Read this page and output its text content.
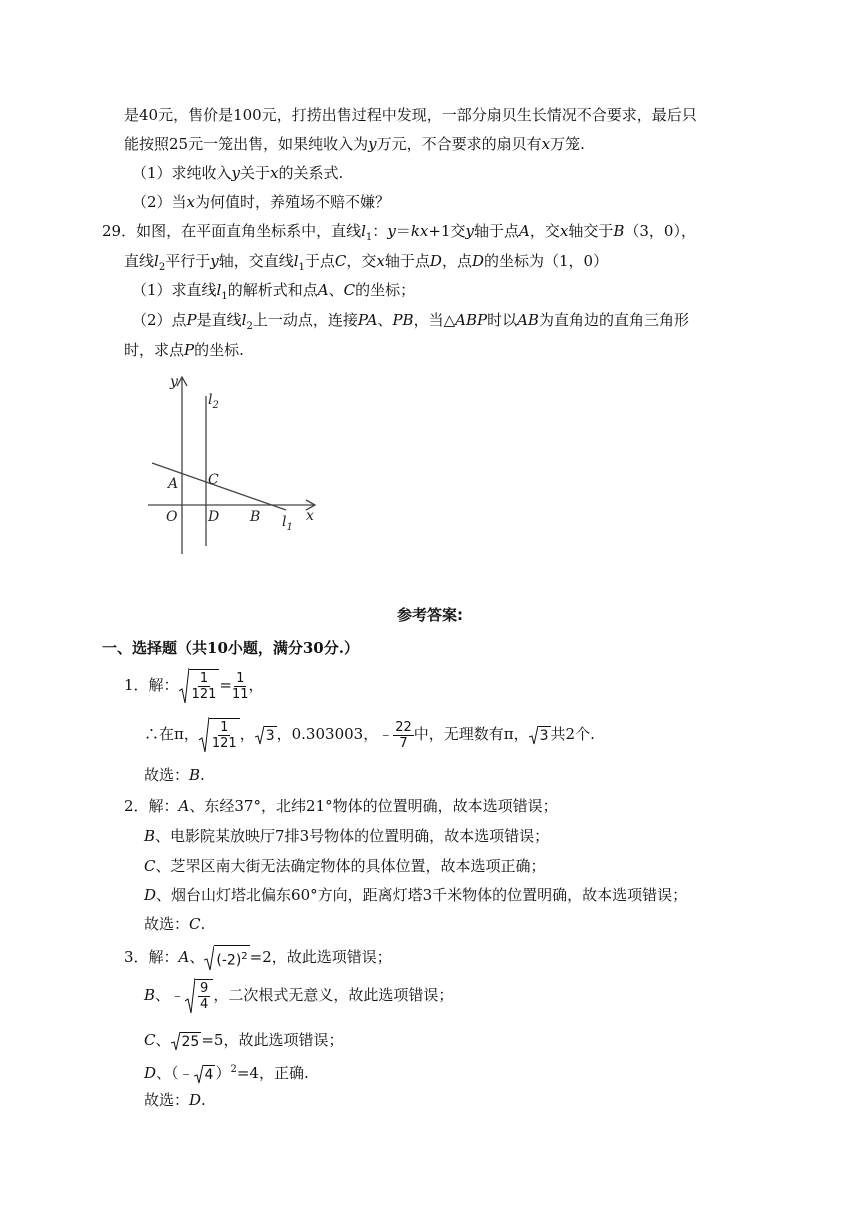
是40元，售价是100元，打捞出售过程中发现，一部分扇贝生长情况不合要求，最后只
能按照25元一笼出售，如果纯收入为y万元，不合要求的扇贝有x万笼.
（1）求纯收入y关于x的关系式.
（2）当x为何值时，养殖场不赔不嫌？
29．如图，在平面直角坐标系中，直线$l_1$：y＝kx+1交y轴于点A，交x轴交于B（3，0），
直线$l_2$平行于y轴，交直线$l_1$于点C，交x轴于点D，点D的坐标为（1，0）
（1）求直线$l_1$的解析式和点A、C的坐标；
（2）点P是直线$l_2$上一动点，连接PA、PB，当△ABP时以AB为直角边的直角三角形
时，求点P的坐标.
y
x
$l_2$
$l_1$
A C
O D B
参考答案:
一、选择题（共10小题，满分30分.）
1．解： $\frac{1}{121} = \frac{1}{11}$ ，
∴在π， $\frac{1}{121}$ ， 3 ，0.303003，﹣ $\frac{22}{7}$ 中，无理数有π， 3 共2个.
故选：B.
2．解：A、东经37°，北纬21°物体的位置明确，故本选项错误；
B、电影院某放映厅7排3号物体的位置明确，故本选项错误；
C、芝罘区南大街无法确定物体的具体位置，故本选项正确；
D、烟台山灯塔北偏东60°方向，距离灯塔3千米物体的位置明确，故本选项错误；
故选：C.
3．解：A、 $(-2)^2 =2$，故此选项错误；
B、﹣ $\frac{9}{4}$ ，二次根式无意义，故此选项错误；
C、 25 =5，故此选项错误；
D、（﹣ 4 ）$^2$=4，正确.
故选：D.
